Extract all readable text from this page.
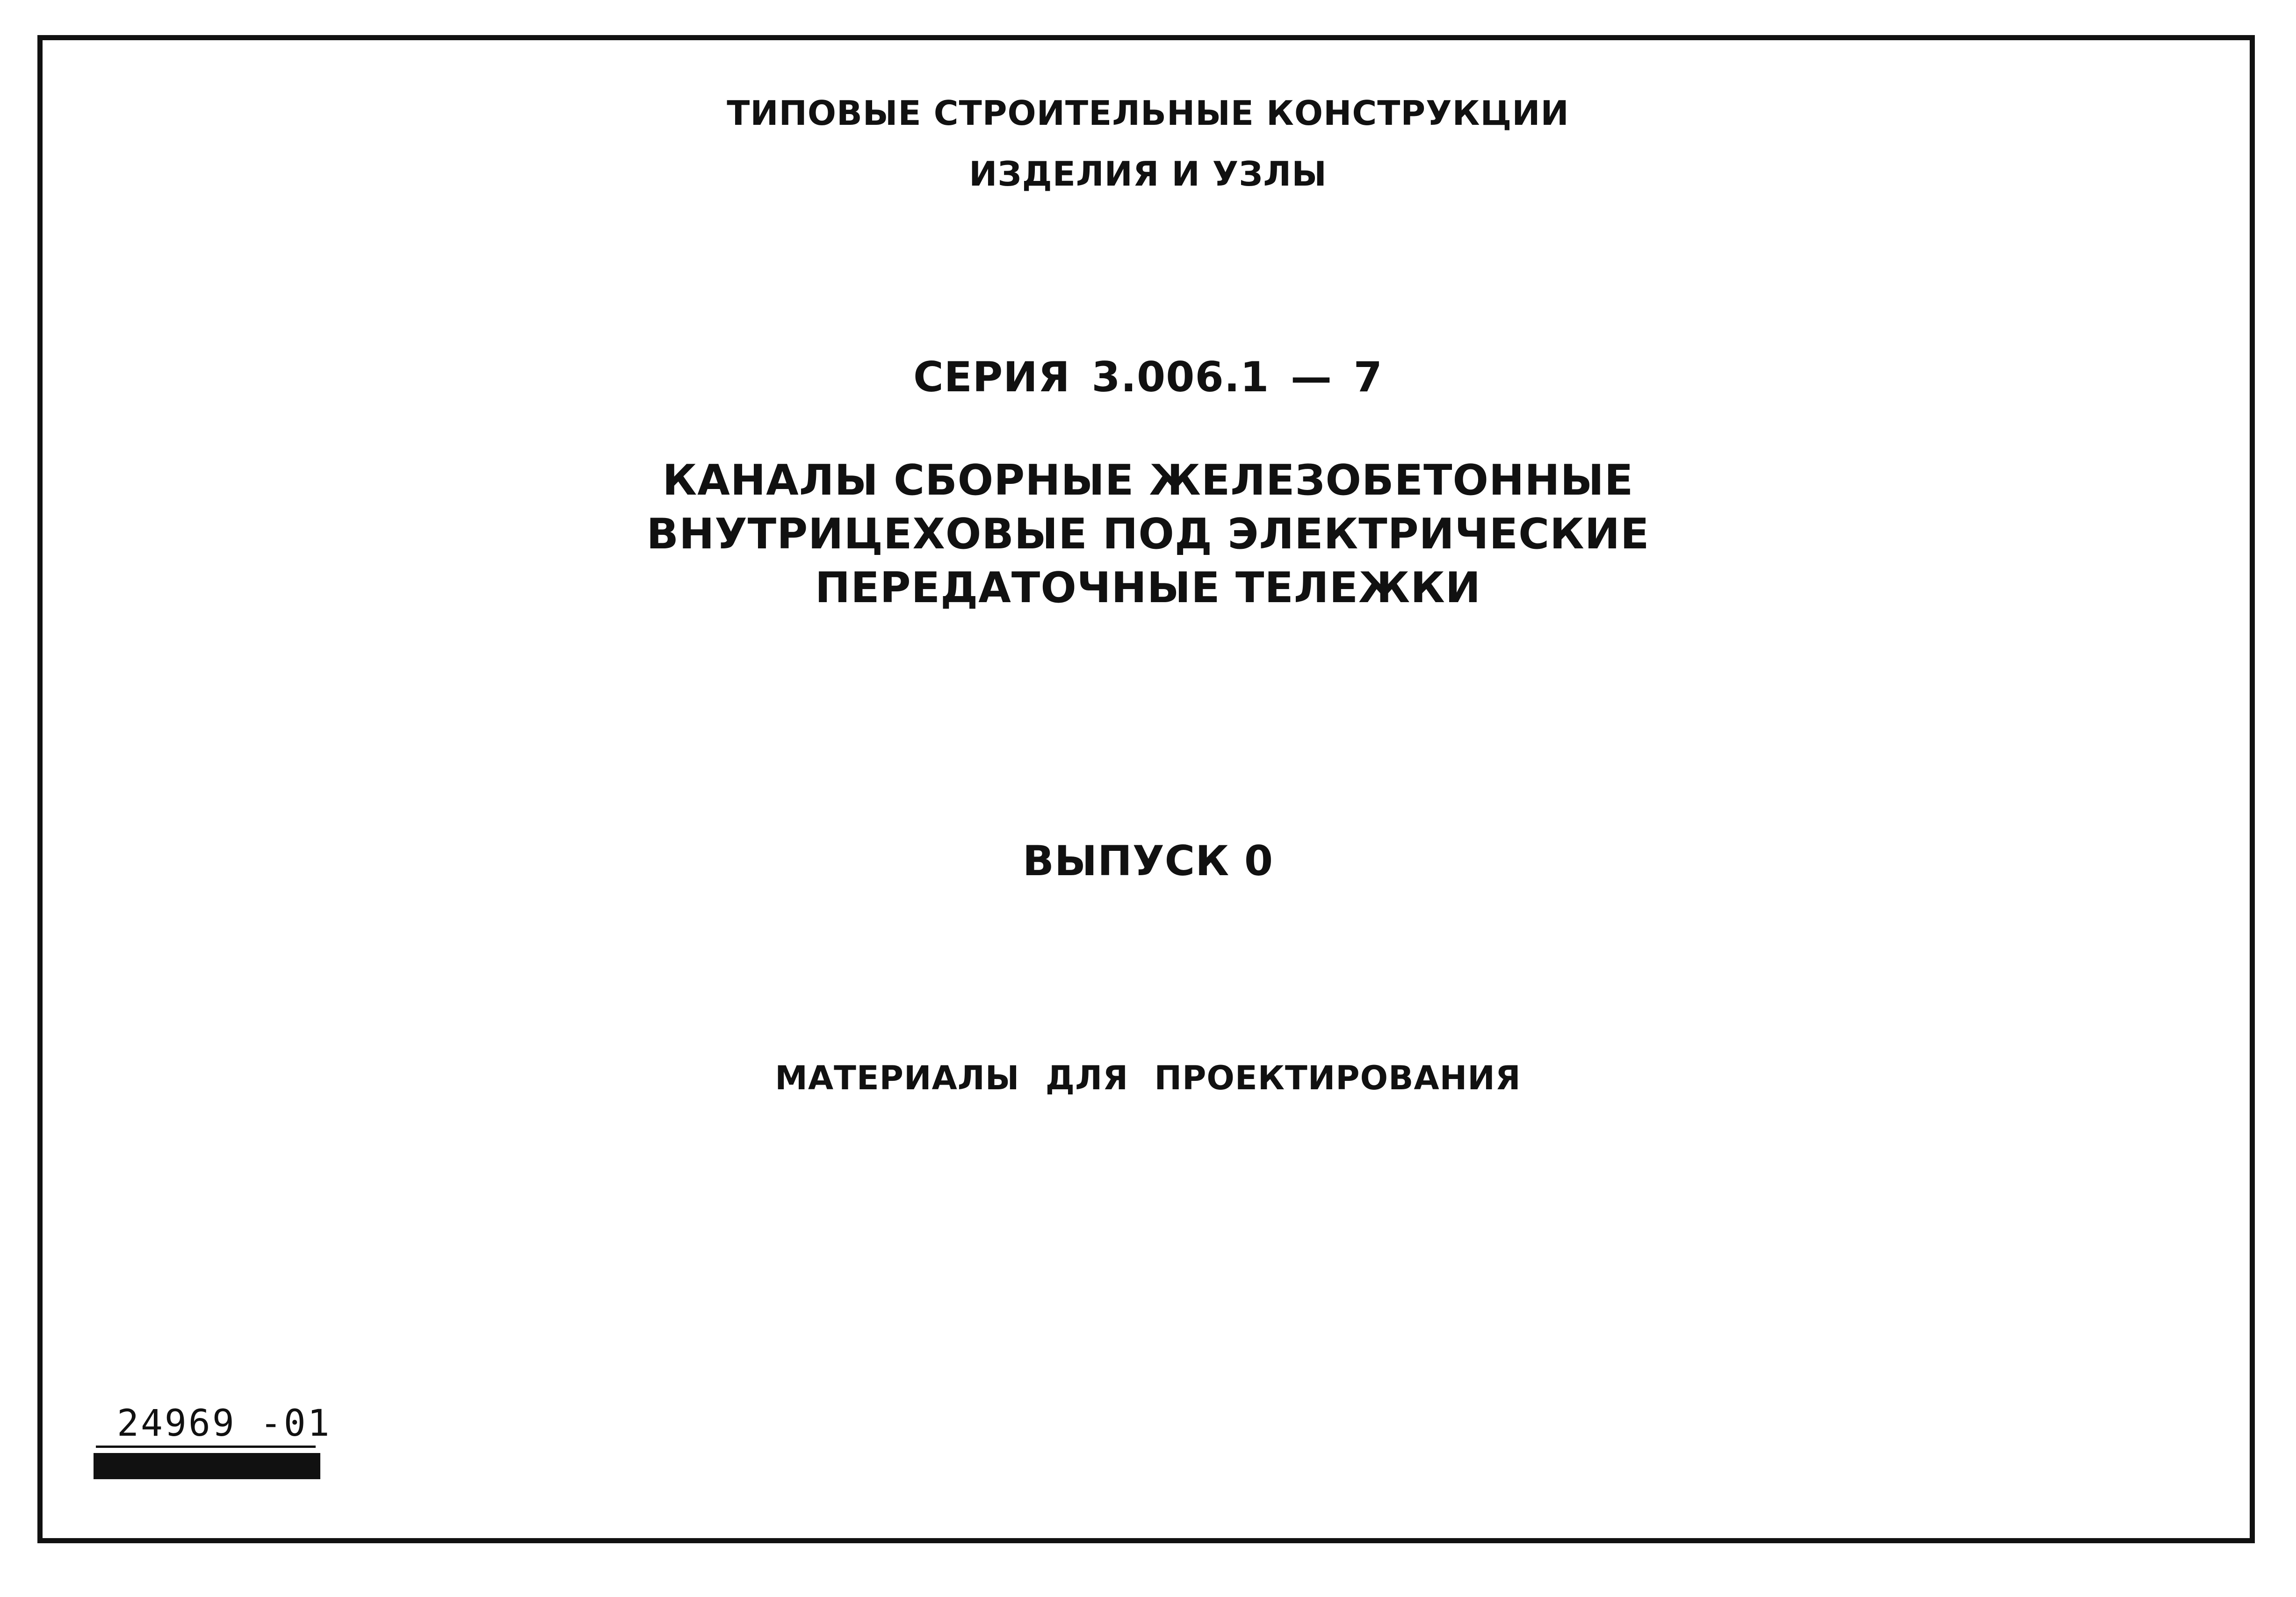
ТИПОВЫЕ СТРОИТЕЛЬНЫЕ КОНСТРУКЦИИ
ИЗДЕЛИЯ И УЗЛЫ
СЕРИЯ 3.006.1 — 7
КАНАЛЫ СБОРНЫЕ ЖЕЛЕЗОБЕТОННЫЕ
ВНУТРИЦЕХОВЫЕ ПОД ЭЛЕКТРИЧЕСКИЕ
ПЕРЕДАТОЧНЫЕ ТЕЛЕЖКИ
ВЫПУСК 0
МАТЕРИАЛЫ ДЛЯ ПРОЕКТИРОВАНИЯ
24969 -01
